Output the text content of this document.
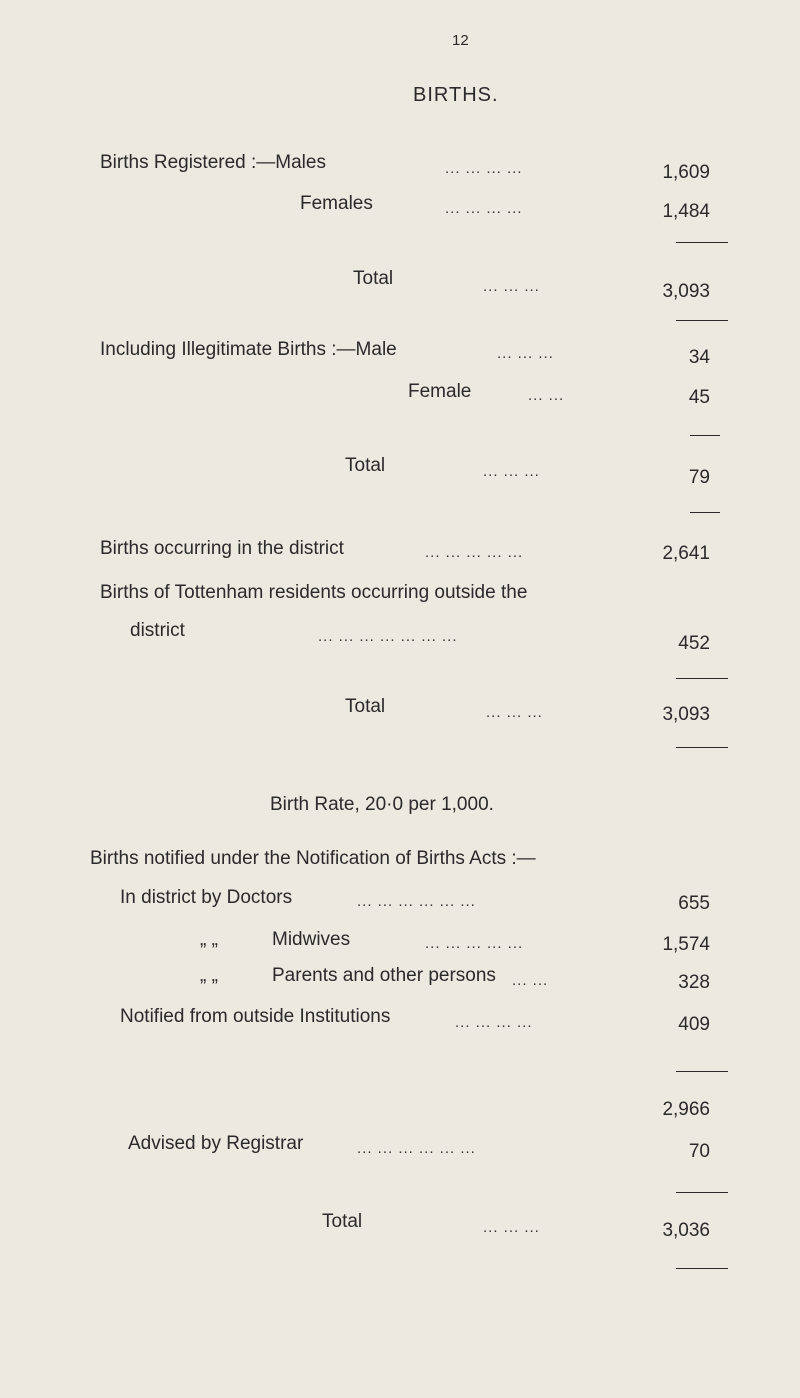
12
BIRTHS.
Births Registered :—Males	... ... ... ...	1,609
Females	... ... ... ...	1,484
Total	... ... ...	3,093
Including Illegitimate Births :—Male	... ... ...	34
Female	... ...	45
Total	... ... ...	79
Births occurring in the district	... ... ... ... ...	2,641
Births of Tottenham residents occurring outside the
district	... ... ... ... ... ... ...	452
Total	... ... ...	3,093
Birth Rate, 20·0 per 1,000.
Births notified under the Notification of Births Acts :—
In district by Doctors	... ... ... ... ... ...	655
„ „	Midwives	... ... ... ... ...	1,574
„ „	Parents and other persons ... ...	328
Notified from outside Institutions	... ... ... ...	409
2,966
Advised by Registrar	... ... ... ... ... ...	70
Total	... ... ...	3,036
